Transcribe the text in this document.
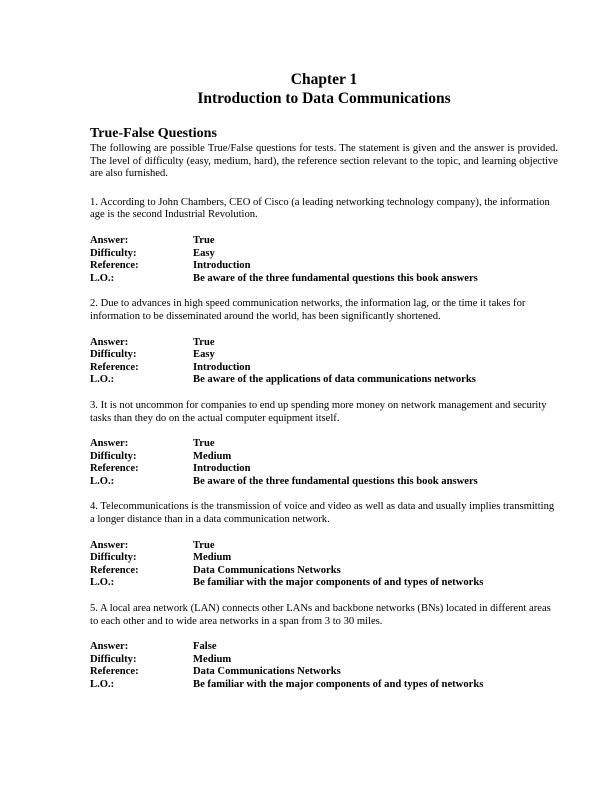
Chapter 1
Introduction to Data Communications
True-False Questions

The following are possible True/False questions for tests. The statement is given and the answer is provided. The level of difficulty (easy, medium, hard), the reference section relevant to the topic, and learning objective are also furnished.

1. According to John Chambers, CEO of Cisco (a leading networking technology company), the information age is the second Industrial Revolution.

Answer:	True
Difficulty:	Easy
Reference:	Introduction
L.O.:	Be aware of the three fundamental questions this book answers

2. Due to advances in high speed communication networks, the information lag, or the time it takes for information to be disseminated around the world, has been significantly shortened.

Answer:	True
Difficulty:	Easy
Reference:	Introduction
L.O.:	Be aware of the applications of data communications networks

3. It is not uncommon for companies to end up spending more money on network management and security tasks than they do on the actual computer equipment itself.

Answer:	True
Difficulty:	Medium
Reference:	Introduction
L.O.:	Be aware of the three fundamental questions this book answers

4. Telecommunications is the transmission of voice and video as well as data and usually implies transmitting a longer distance than in a data communication network.

Answer:	True
Difficulty:	Medium
Reference:	Data Communications Networks
L.O.:	Be familiar with the major components of and types of networks

5. A local area network (LAN) connects other LANs and backbone networks (BNs) located in different areas to each other and to wide area networks in a span from 3 to 30 miles.

Answer:	False
Difficulty:	Medium
Reference:	Data Communications Networks
L.O.:	Be familiar with the major components of and types of networks
